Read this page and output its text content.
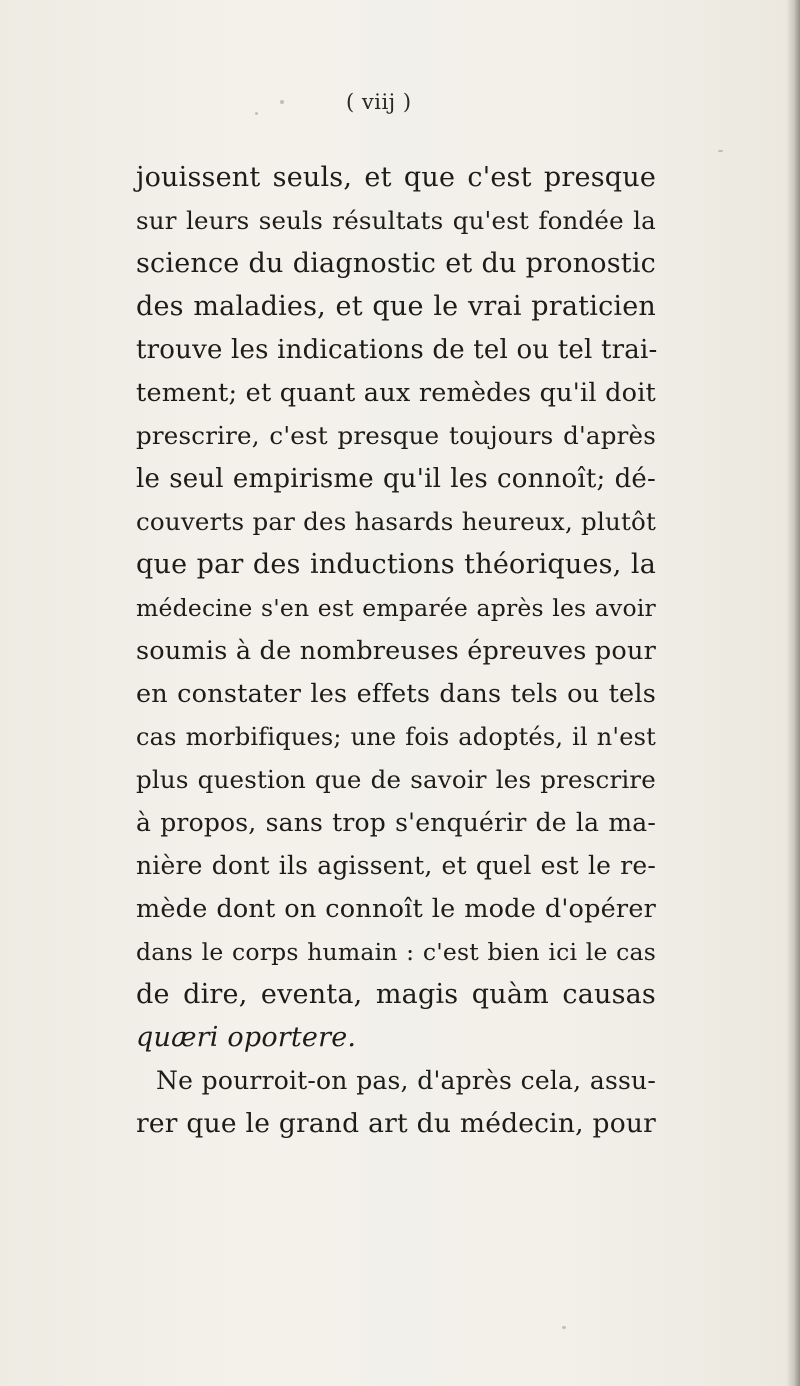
( viij )
jouissent seuls, et que c'est presque
sur leurs seuls résultats qu'est fondée la
science du diagnostic et du pronostic
des maladies, et que le vrai praticien
trouve les indications de tel ou tel trai-
tement; et quant aux remèdes qu'il doit
prescrire, c'est presque toujours d'après
le seul empirisme qu'il les connoît; dé-
couverts par des hasards heureux, plutôt
que par des inductions théoriques, la
médecine s'en est emparée après les avoir
soumis à de nombreuses épreuves pour
en constater les effets dans tels ou tels
cas morbifiques; une fois adoptés, il n'est
plus question que de savoir les prescrire
à propos, sans trop s'enquérir de la ma-
nière dont ils agissent, et quel est le re-
mède dont on connoît le mode d'opérer
dans le corps humain : c'est bien ici le cas
de dire, eventa, magis quàm causas
quæri oportere.
Ne pourroit-on pas, d'après cela, assu-
rer que le grand art du médecin, pour
